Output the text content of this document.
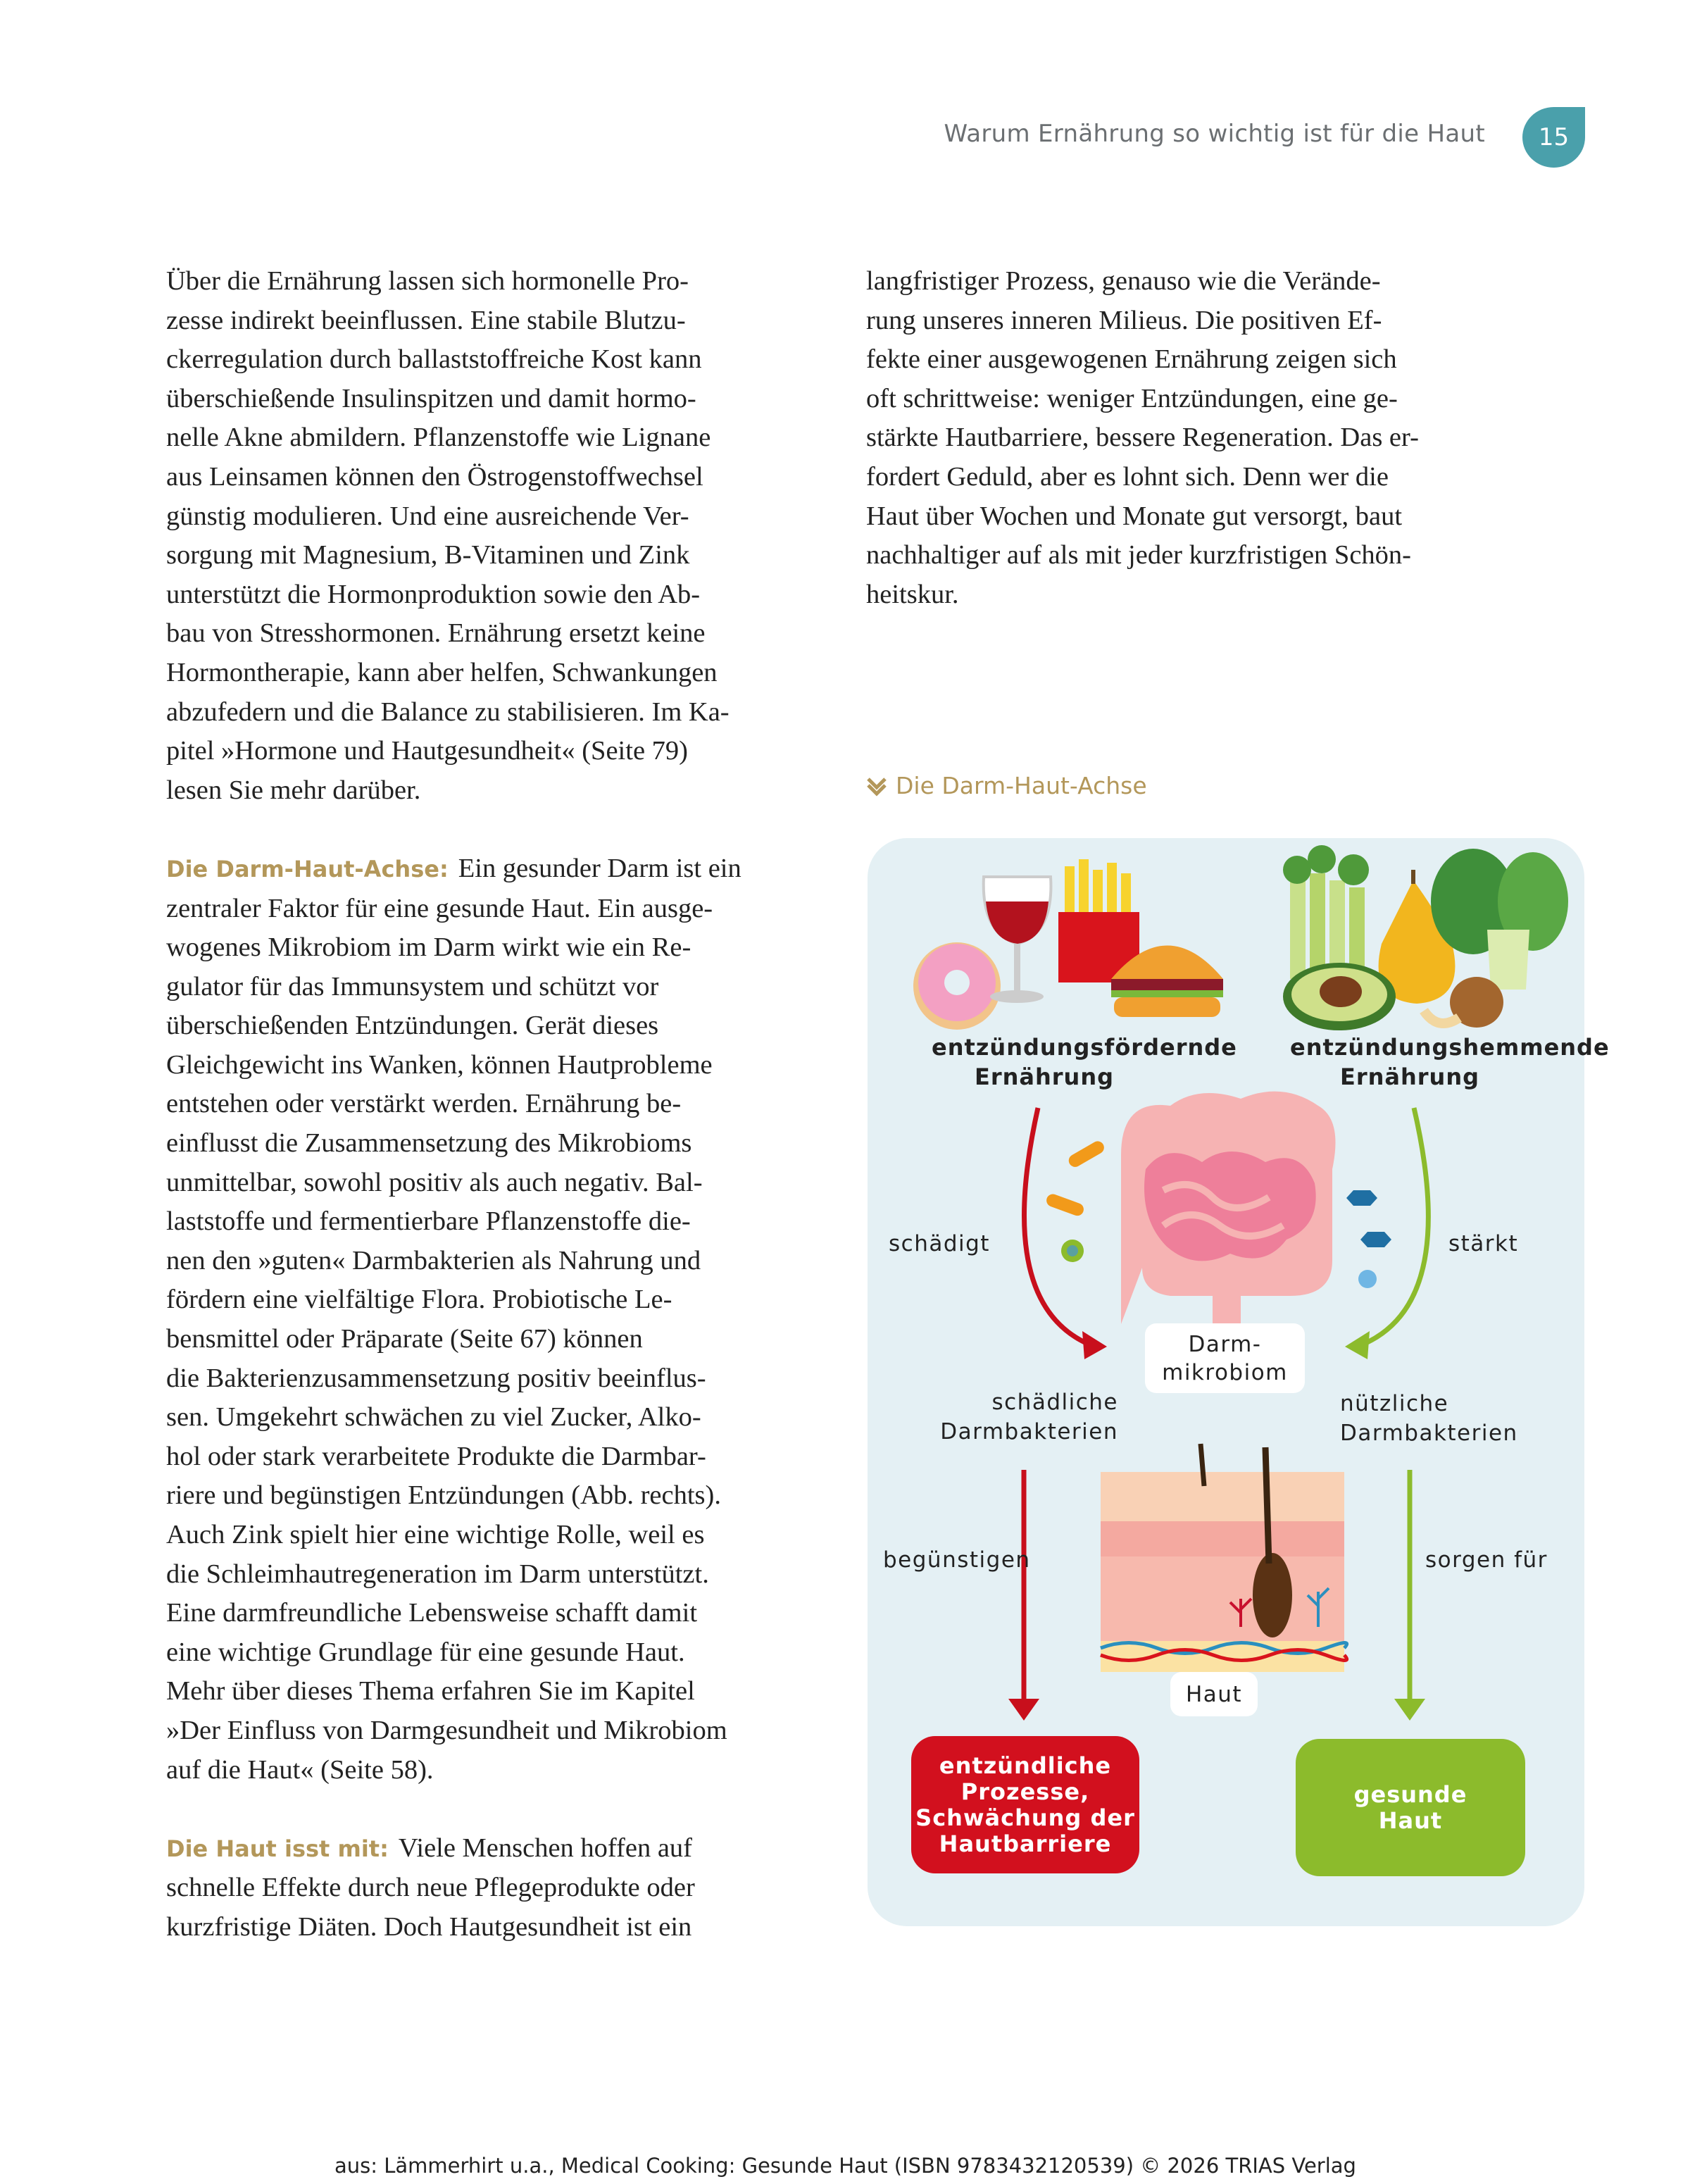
Warum Ernährung so wichtig ist für die Haut	15
Über die Ernährung lassen sich hormonelle Pro-
zesse indirekt beeinflussen. Eine stabile Blutzu-
ckerregulation durch ballaststoffreiche Kost kann
überschießende Insulinspitzen und damit hormo-
nelle Akne abmildern. Pflanzenstoffe wie Lignane
aus Leinsamen können den Östrogenstoffwechsel
günstig modulieren. Und eine ausreichende Ver-
sorgung mit Magnesium, B-Vitaminen und Zink
unterstützt die Hormonproduktion sowie den Ab-
bau von Stresshormonen. Ernährung ersetzt keine
Hormontherapie, kann aber helfen, Schwankungen
abzufedern und die Balance zu stabilisieren. Im Ka-
pitel »Hormone und Hautgesundheit« (Seite 79)
lesen Sie mehr darüber.
Die Darm-Haut-Achse: Ein gesunder Darm ist ein
zentraler Faktor für eine gesunde Haut. Ein ausge-
wogenes Mikrobiom im Darm wirkt wie ein Re-
gulator für das Immunsystem und schützt vor
überschießenden Entzündungen. Gerät dieses
Gleichgewicht ins Wanken, können Hautprobleme
entstehen oder verstärkt werden. Ernährung be-
einflusst die Zusammensetzung des Mikrobioms
unmittelbar, sowohl positiv als auch negativ. Bal-
laststoffe und fermentierbare Pflanzenstoffe die-
nen den »guten« Darmbakterien als Nahrung und
fördern eine vielfältige Flora. Probiotische Le-
bensmittel oder Präparate (Seite 67) können
die Bakterienzusammensetzung positiv beeinflus-
sen. Umgekehrt schwächen zu viel Zucker, Alko-
hol oder stark verarbeitete Produkte die Darmbar-
riere und begünstigen Entzündungen (Abb. rechts).
Auch Zink spielt hier eine wichtige Rolle, weil es
die Schleimhautregeneration im Darm unterstützt.
Eine darmfreundliche Lebensweise schafft damit
eine wichtige Grundlage für eine gesunde Haut.
Mehr über dieses Thema erfahren Sie im Kapitel
»Der Einfluss von Darmgesundheit und Mikrobiom
auf die Haut« (Seite 58).
Die Haut isst mit: Viele Menschen hoffen auf
schnelle Effekte durch neue Pflegeprodukte oder
kurzfristige Diäten. Doch Hautgesundheit ist ein
langfristiger Prozess, genauso wie die Verände-
rung unseres inneren Milieus. Die positiven Ef-
fekte einer ausgewogenen Ernährung zeigen sich
oft schrittweise: weniger Entzündungen, eine ge-
stärkte Hautbarriere, bessere Regeneration. Das er-
fordert Geduld, aber es lohnt sich. Denn wer die
Haut über Wochen und Monate gut versorgt, baut
nachhaltiger auf als mit jeder kurzfristigen Schön-
heitskur.
Die Darm-Haut-Achse
entzündungsfördernde
Ernährung
entzündungshemmende
Ernährung
schädigt	stärkt
Darm-
mikrobiom
schädliche
Darmbakterien
nützliche
Darmbakterien
begünstigen	sorgen für
Haut
entzündliche
Prozesse,
Schwächung der
Hautbarriere
gesunde
Haut
aus: Lämmerhirt u.a., Medical Cooking: Gesunde Haut (ISBN 9783432120539) © 2026 TRIAS Verlag
